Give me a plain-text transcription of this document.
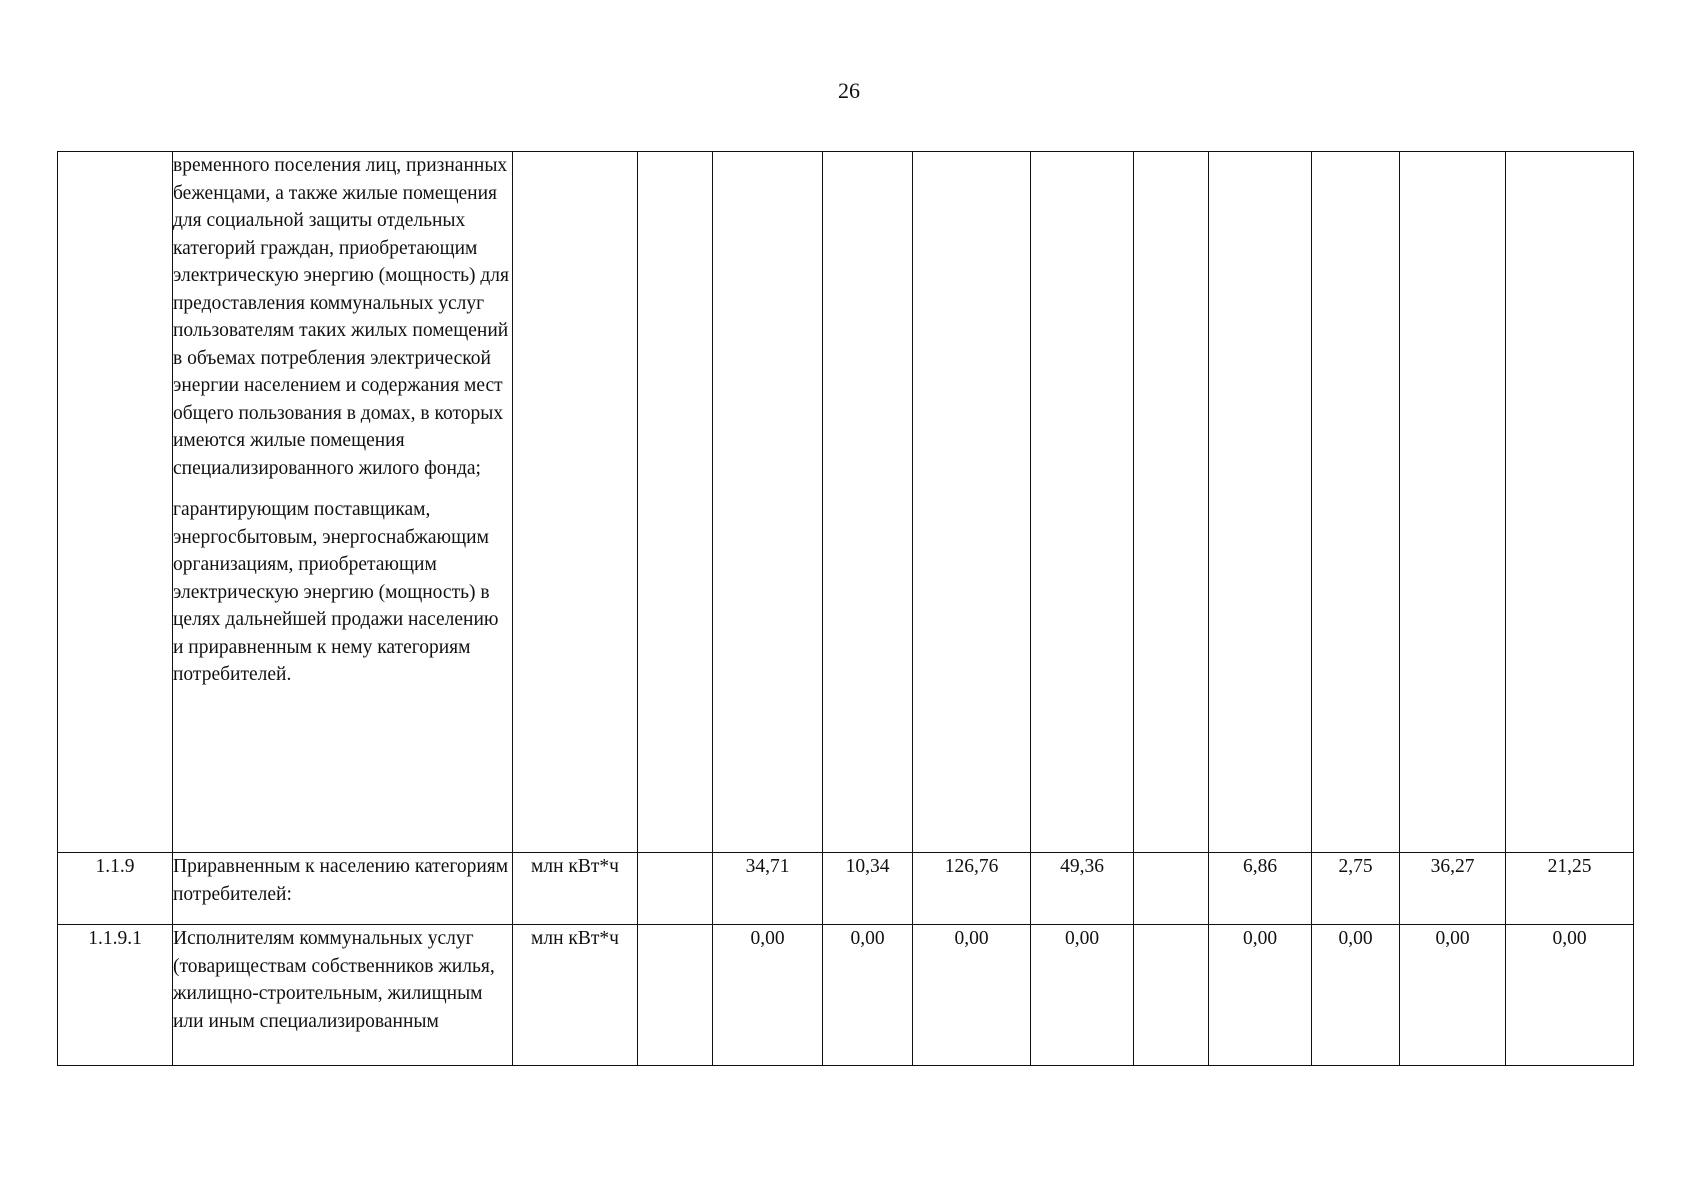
26

	временного поселения лиц, признанных беженцами, а также жилые помещения для социальной защиты отдельных категорий граждан, приобретающим электрическую энергию (мощность) для предоставления коммунальных услуг пользователям таких жилых помещений в объемах потребления электрической энергии населением и содержания мест общего пользования в домах, в которых имеются жилые помещения специализированного жилого фонда;
гарантирующим поставщикам, энергосбытовым, энергоснабжающим организациям, приобретающим электрическую энергию (мощность) в целях дальнейшей продажи населению и приравненным к нему категориям потребителей.											

1.1.9	Приравненным к населению категориям потребителей:	млн кВт*ч		34,71	10,34	126,76	49,36		6,86	2,75	36,27	21,25
1.1.9.1	Исполнителям коммунальных услуг (товариществам собственников жилья, жилищно-строительным, жилищным или иным специализированным	млн кВт*ч		0,00	0,00	0,00	0,00		0,00	0,00	0,00	0,00
